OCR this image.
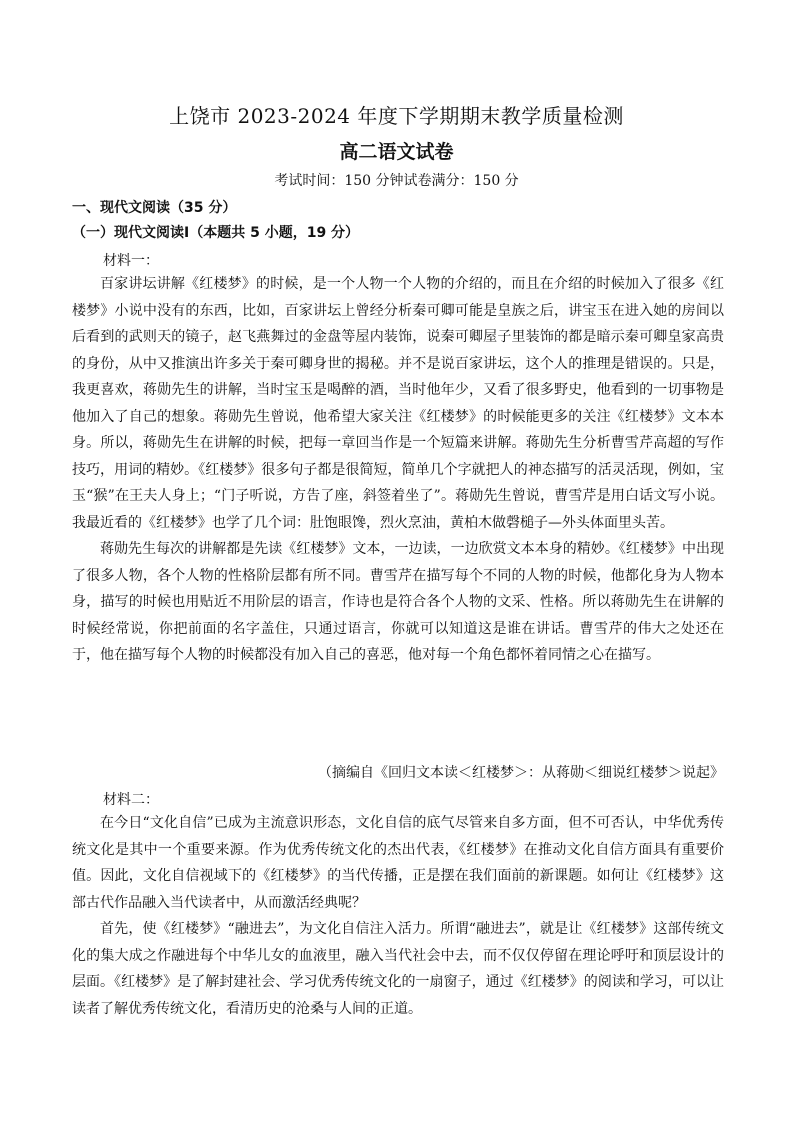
上饶市 2023-2024 年度下学期期末教学质量检测
高二语文试卷
考试时间：150 分钟试卷满分：150 分
一、现代文阅读（35 分）
（一）现代文阅读Ⅰ（本题共 5 小题，19 分）
材料一：

百家讲坛讲解《红楼梦》的时候，是一个人物一个人物的介绍的，而且在介绍的时候加入了很多《红楼梦》小说中没有的东西，比如，百家讲坛上曾经分析秦可卿可能是皇族之后，讲宝玉在进入她的房间以后看到的武则天的镜子，赵飞燕舞过的金盘等屋内装饰，说秦可卿屋子里装饰的都是暗示秦可卿皇家高贵的身份，从中又推演出许多关于秦可卿身世的揭秘。并不是说百家讲坛，这个人的推理是错误的。只是，我更喜欢，蒋勋先生的讲解，当时宝玉是喝醉的酒，当时他年少，又看了很多野史，他看到的一切事物是他加入了自己的想象。蒋勋先生曾说，他希望大家关注《红楼梦》的时候能更多的关注《红楼梦》文本本身。所以，蒋勋先生在讲解的时候，把每一章回当作是一个短篇来讲解。蒋勋先生分析曹雪芹高超的写作技巧，用词的精妙。《红楼梦》很多句子都是很简短，简单几个字就把人的神态描写的活灵活现，例如，宝玉“猴”在王夫人身上；“门子听说，方告了座，斜签着坐了”。蒋勋先生曾说，曹雪芹是用白话文写小说。我最近看的《红楼梦》也学了几个词：肚饱眼馋，烈火烹油，黄柏木做磬槌子—外头体面里头苦。

蒋勋先生每次的讲解都是先读《红楼梦》文本，一边读，一边欣赏文本本身的精妙。《红楼梦》中出现了很多人物，各个人物的性格阶层都有所不同。曹雪芹在描写每个不同的人物的时候，他都化身为人物本身，描写的时候也用贴近不用阶层的语言，作诗也是符合各个人物的文采、性格。所以蒋勋先生在讲解的时候经常说，你把前面的名字盖住，只通过语言，你就可以知道这是谁在讲话。曹雪芹的伟大之处还在于，他在描写每个人物的时候都没有加入自己的喜恶，他对每一个角色都怀着同情之心在描写。

（摘编自《回归文本读＜红楼梦＞：从蒋勋＜细说红楼梦＞说起》
材料二：

在今日“文化自信”已成为主流意识形态，文化自信的底气尽管来自多方面，但不可否认，中华优秀传统文化是其中一个重要来源。作为优秀传统文化的杰出代表，《红楼梦》在推动文化自信方面具有重要价值。因此，文化自信视域下的《红楼梦》的当代传播，正是摆在我们面前的新课题。如何让《红楼梦》这部古代作品融入当代读者中，从而激活经典呢？

首先，使《红楼梦》“融进去”，为文化自信注入活力。所谓“融进去”，就是让《红楼梦》这部传统文化的集大成之作融进每个中华儿女的血液里，融入当代社会中去，而不仅仅停留在理论呼吁和顶层设计的层面。《红楼梦》是了解封建社会、学习优秀传统文化的一扇窗子，通过《红楼梦》的阅读和学习，可以让读者了解优秀传统文化，看清历史的沧桑与人间的正道。
